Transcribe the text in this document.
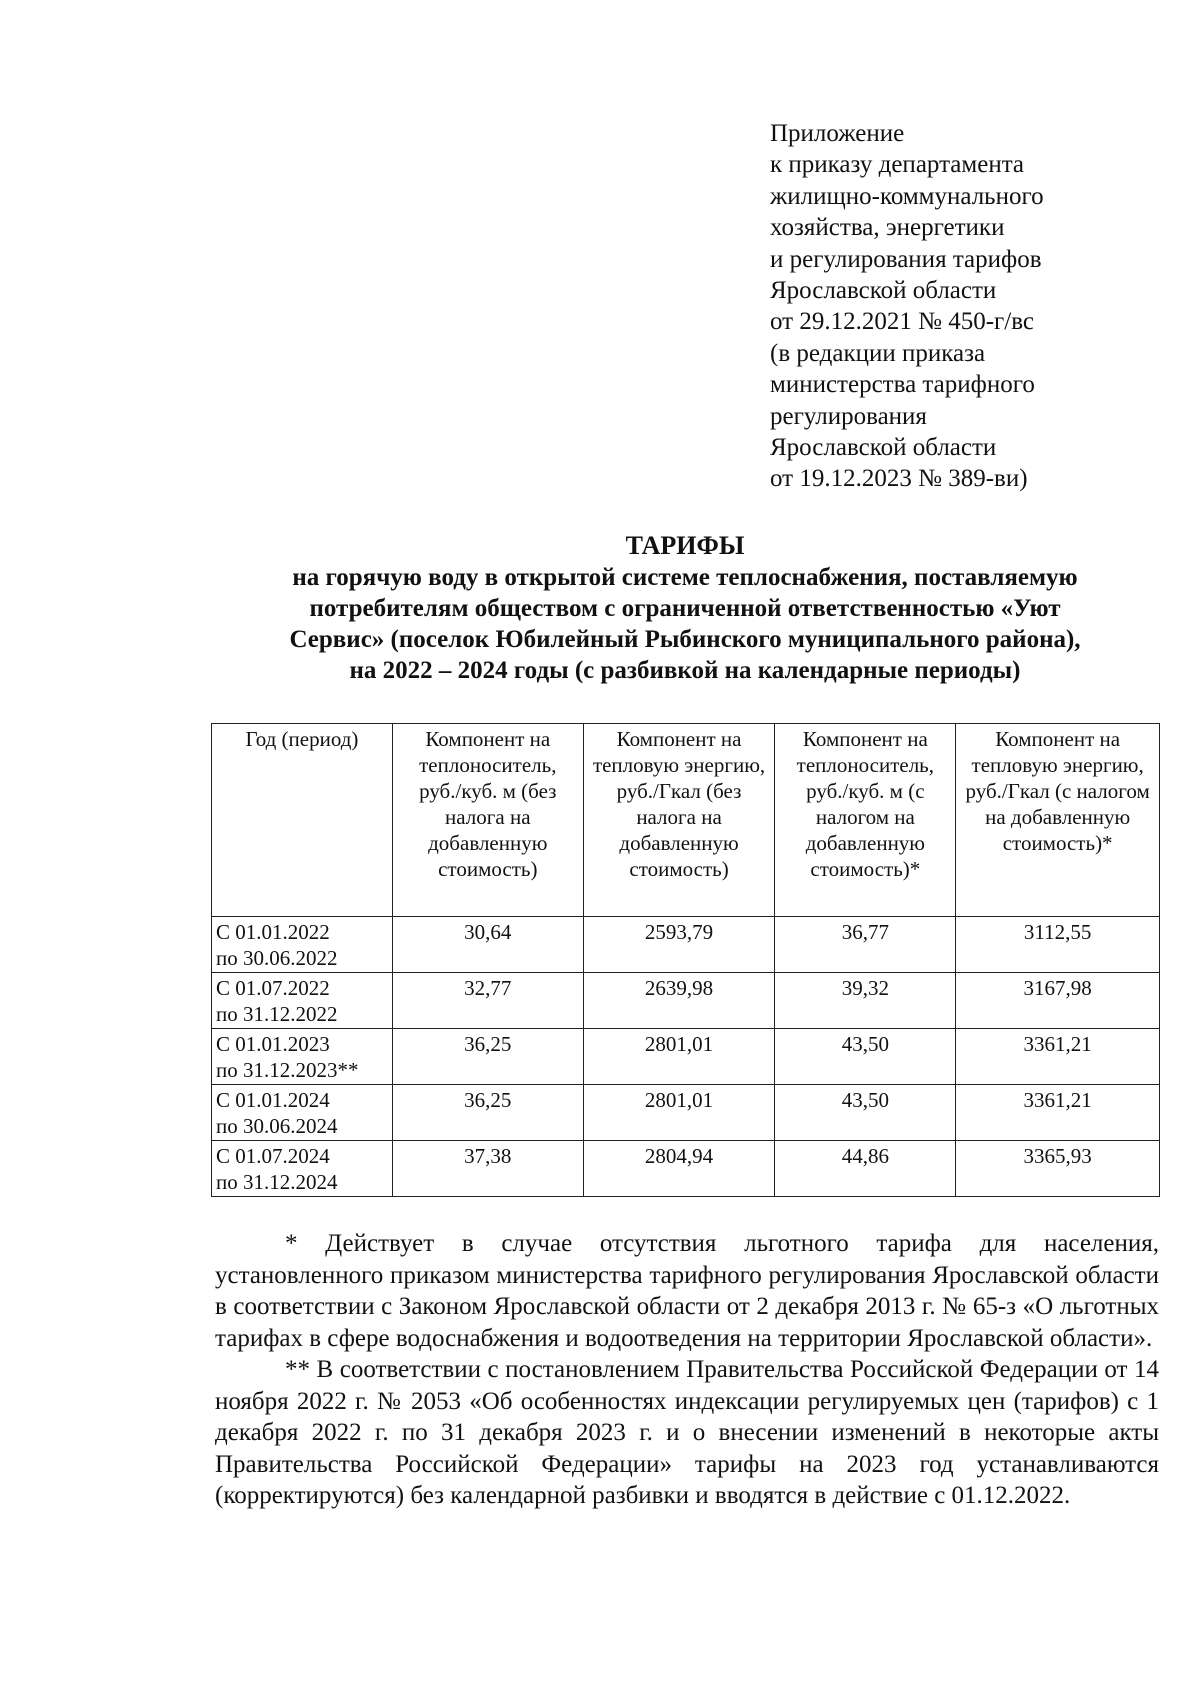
Приложение
к приказу департамента
жилищно-коммунального
хозяйства, энергетики
и регулирования тарифов
Ярославской области
от 29.12.2021 № 450-г/вс
(в редакции приказа
министерства тарифного
регулирования
Ярославской области
от 19.12.2023 № 389-ви)
ТАРИФЫ
на горячую воду в открытой системе теплоснабжения, поставляемую
потребителям обществом с ограниченной ответственностью «Уют
Сервис» (поселок Юбилейный Рыбинского муниципального района),
на 2022 – 2024 годы (с разбивкой на календарные периоды)
Год (период)	Компонент на теплоноситель, руб./куб. м (без налога на добавленную стоимость)	Компонент на тепловую энергию, руб./Гкал (без налога на добавленную стоимость)	Компонент на теплоноситель, руб./куб. м (с налогом на добавленную стоимость)*	Компонент на тепловую энергию, руб./Гкал (с налогом на добавленную стоимость)*

С 01.01.2022
по 30.06.2022	30,64	2593,79	36,77	3112,55

С 01.07.2022
по 31.12.2022	32,77	2639,98	39,32	3167,98

С 01.01.2023
по 31.12.2023**	36,25	2801,01	43,50	3361,21

С 01.01.2024
по 30.06.2024	36,25	2801,01	43,50	3361,21

С 01.07.2024
по 31.12.2024	37,38	2804,94	44,86	3365,93

* Действует в случае отсутствия льготного тарифа для населения, установленного приказом министерства тарифного регулирования Ярославской области в соответствии с Законом Ярославской области от 2 декабря 2013 г. № 65-з «О льготных тарифах в сфере водоснабжения и водоотведения на территории Ярославской области».

** В соответствии с постановлением Правительства Российской Федерации от 14 ноября 2022 г. № 2053 «Об особенностях индексации регулируемых цен (тарифов) с 1 декабря 2022 г. по 31 декабря 2023 г. и о внесении изменений в некоторые акты Правительства Российской Федерации» тарифы на 2023 год устанавливаются (корректируются) без календарной разбивки и вводятся в действие с 01.12.2022.
